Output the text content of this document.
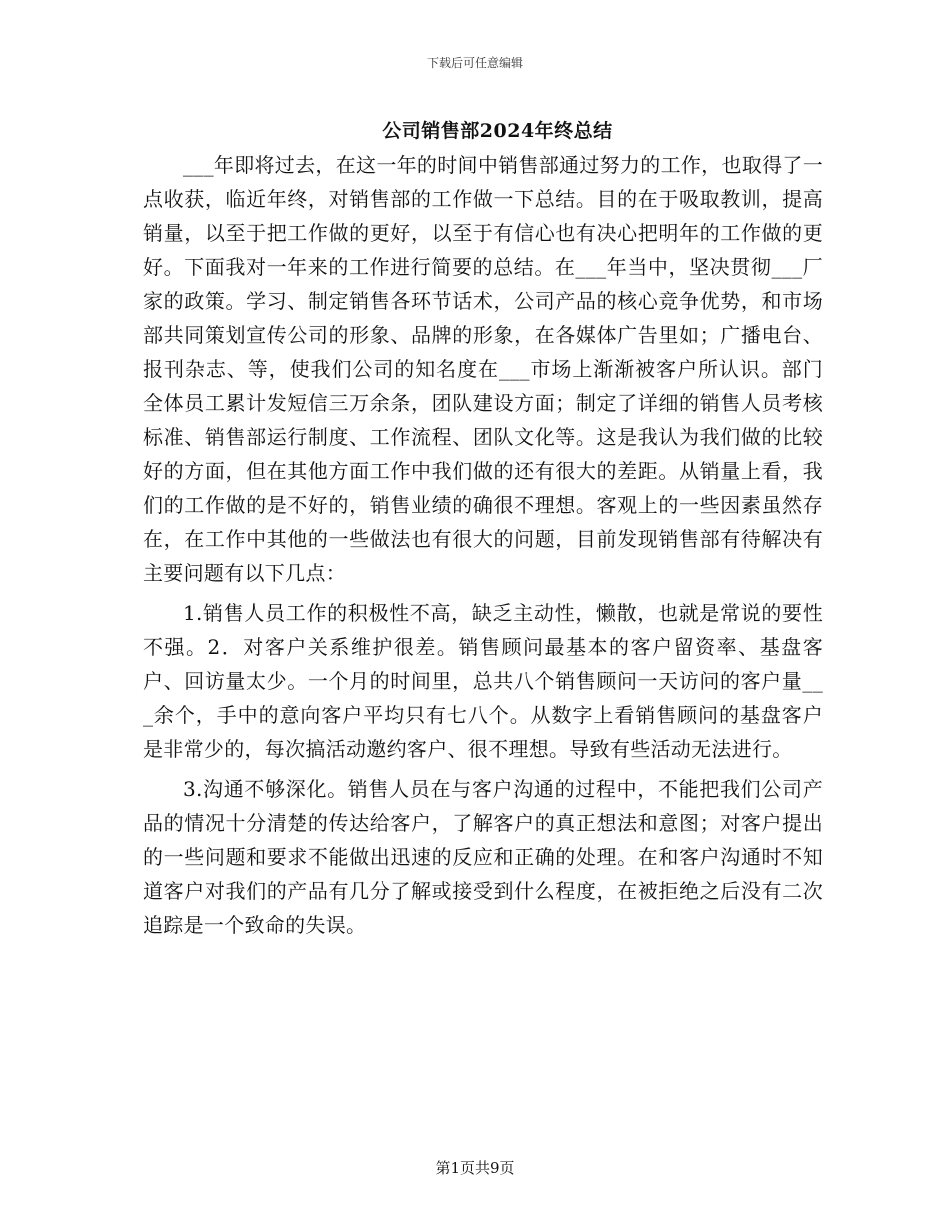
下载后可任意编辑
公司销售部2024年终总结

___年即将过去，在这一年的时间中销售部通过努力的工作，也取得了一点收获，临近年终，对销售部的工作做一下总结。目的在于吸取教训，提高销量，以至于把工作做的更好，以至于有信心也有决心把明年的工作做的更好。下面我对一年来的工作进行简要的总结。在___年当中，坚决贯彻___厂家的政策。学习、制定销售各环节话术，公司产品的核心竞争优势，和市场部共同策划宣传公司的形象、品牌的形象，在各媒体广告里如；广播电台、报刊杂志、等，使我们公司的知名度在___市场上渐渐被客户所认识。部门全体员工累计发短信三万余条，团队建设方面；制定了详细的销售人员考核标准、销售部运行制度、工作流程、团队文化等。这是我认为我们做的比较好的方面，但在其他方面工作中我们做的还有很大的差距。从销量上看，我们的工作做的是不好的，销售业绩的确很不理想。客观上的一些因素虽然存在，在工作中其他的一些做法也有很大的问题，目前发现销售部有待解决有主要问题有以下几点：

1.销售人员工作的积极性不高，缺乏主动性，懒散，也就是常说的要性不强。2．对客户关系维护很差。销售顾问最基本的客户留资率、基盘客户、回访量太少。一个月的时间里，总共八个销售顾问一天访问的客户量___余个，手中的意向客户平均只有七八个。从数字上看销售顾问的基盘客户是非常少的，每次搞活动邀约客户、很不理想。导致有些活动无法进行。

3.沟通不够深化。销售人员在与客户沟通的过程中，不能把我们公司产品的情况十分清楚的传达给客户，了解客户的真正想法和意图；对客户提出的一些问题和要求不能做出迅速的反应和正确的处理。在和客户沟通时不知道客户对我们的产品有几分了解或接受到什么程度，在被拒绝之后没有二次追踪是一个致命的失误。

第1页共9页
